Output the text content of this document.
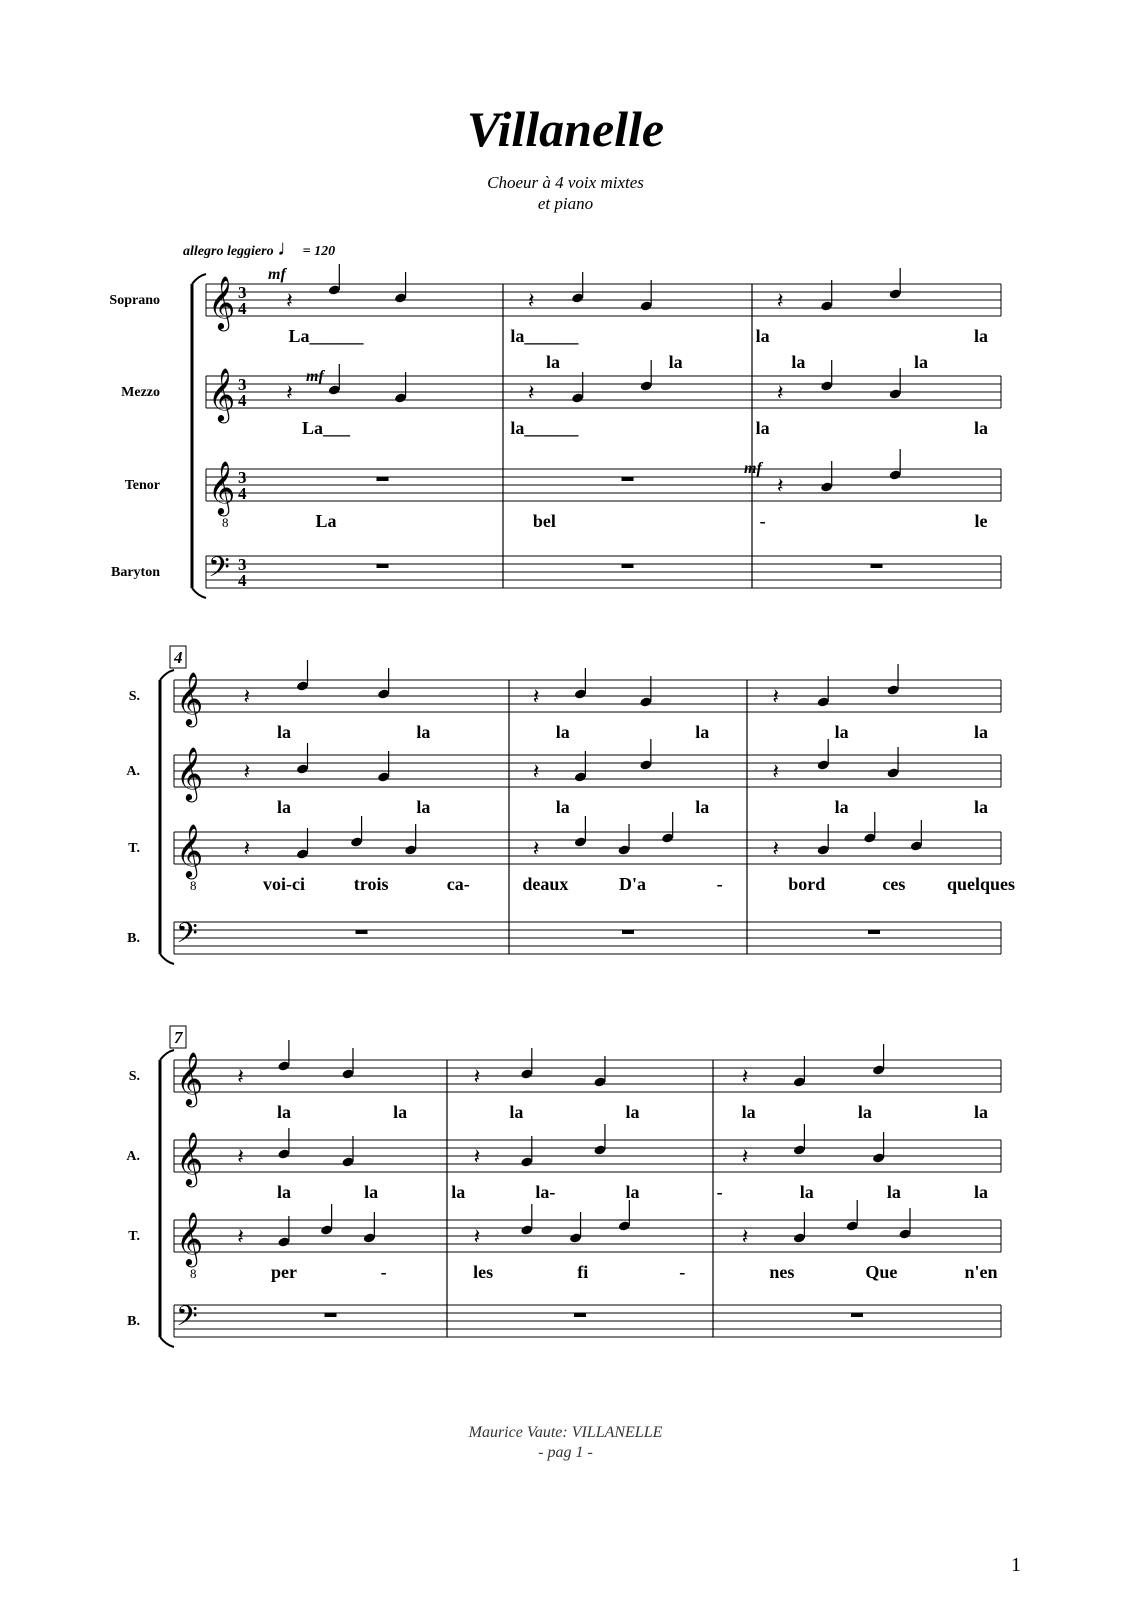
Villanelle
Choeur à 4 voix mixtes
et piano
allegro leggiero ♩ = 120
Soprano 𝄞 3
4
Mezzo 𝄞 3
4
Tenor 𝄞
8
3
4
Baryton 𝄢 3
4
𝄽	𝄽	𝄽
𝄽	𝄽	𝄽
𝄽
mf
mf
mf
La______	la______	la	la
La___	la______	la	la
la	la	la	la
La	bel	-	le
4
S. 𝄞
A. 𝄞
T. 𝄞
8
B. 𝄢
𝄽	𝄽	𝄽
𝄽	𝄽	𝄽
𝄽	𝄽	𝄽
la	la	la	la	la	la
la	la	la	la	la	la
voi-ci	trois	ca-	deaux	D'a	-	bord	ces quelques
7
S. 𝄞
A. 𝄞
T. 𝄞
8
B. 𝄢
𝄽	𝄽	𝄽
𝄽	𝄽	𝄽
𝄽	𝄽	𝄽
la	la	la	la	la	la	la
la	la	la	la-	la	-	la	la	la
per	-	les	fi	-	nes	Que	n'en
Maurice Vaute: VILLANELLE
- pag 1 -
1
